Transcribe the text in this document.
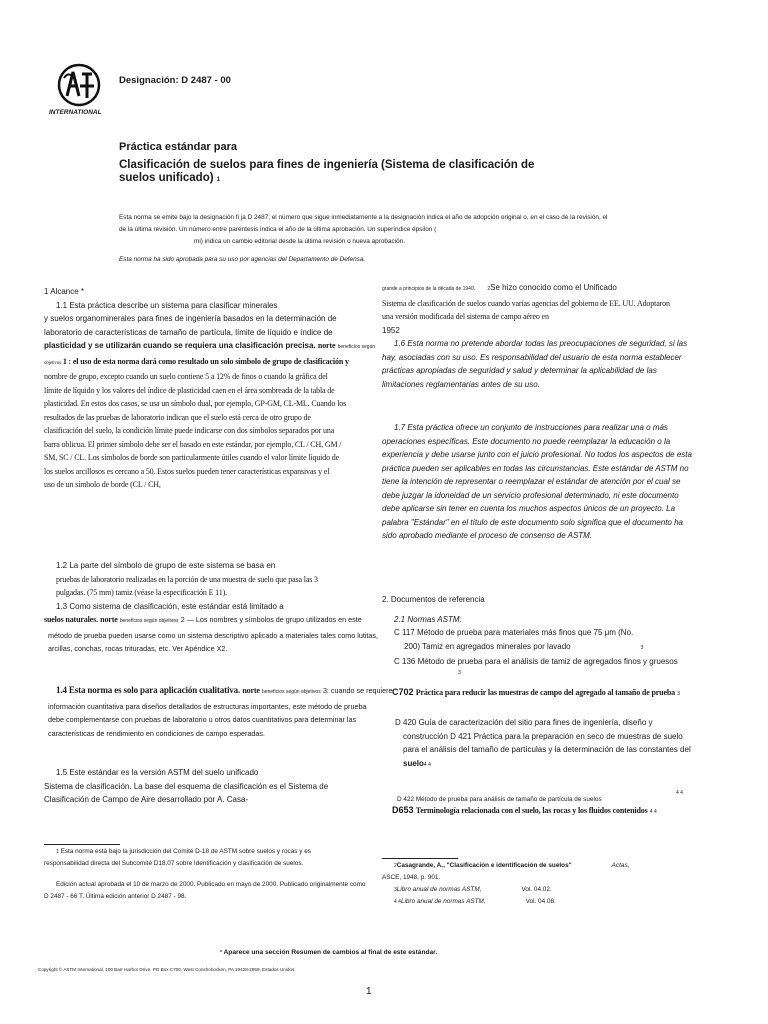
INTERNATIONAL
Designación: D 2487 - 00
Práctica estándar para
Clasificación de suelos para fines de ingeniería (Sistema de clasificación de
suelos unificado) 1
Esta norma se emite bajo la designación fi ja D 2487; el número que sigue inmediatamente a la designación indica el año de adopción original o, en el caso de la revisión, el
de la última revisión. Un número entre paréntesis indica el año de la última aprobación. Un superíndice épsilon (
mi) indica un cambio editorial desde la última revisión o nueva aprobación.
Esta norma ha sido aprobada para su uso por agencias del Departamento de Defensa.

1 Alcance *

1.1 Esta práctica describe un sistema para clasificar minerales

y suelos organominerales para fines de ingeniería basados en la determinación de

laboratorio de características de tamaño de partícula, límite de líquido e índice de

plasticidad y se utilizarán cuando se requiera una clasificación precisa. norte beneficios según

objetivos 1 : el uso de esta norma dará como resultado un solo símbolo de grupo de clasificación y

nombre de grupo, excepto cuando un suelo contiene 5 a 12% de finos o cuando la gráfica del

límite de líquido y los valores del índice de plasticidad caen en el área sombreada de la tabla de

plasticidad. En estos dos casos, se usa un símbolo dual, por ejemplo, GP-GM, CL-ML. Cuando los

resultados de las pruebas de laboratorio indican que el suelo está cerca de otro grupo de

clasificación del suelo, la condición límite puede indicarse con dos símbolos separados por una

barra oblicua. El primer símbolo debe ser el basado en este estándar, por ejemplo, CL / CH, GM /

SM, SC / CL. Los símbolos de borde son particularmente útiles cuando el valor límite líquido de

los suelos arcillosos es cercano a 50. Estos suelos pueden tener características expansivas y el

uso de un símbolo de borde (CL / CH,

1.2 La parte del símbolo de grupo de este sistema se basa en

pruebas de laboratorio realizadas en la porción de una muestra de suelo que pasa las 3

pulgadas. (75 mm) tamiz (véase la especificación E 11).

1.3 Como sistema de clasificación, este estándar está limitado a

suelos naturales. norte beneficios según objetivos 2 — Los nombres y símbolos de grupo utilizados en este

método de prueba pueden usarse como un sistema descriptivo aplicado a materiales tales como lutitas,

arcillas, conchas, rocas trituradas, etc. Ver Apéndice X2.

1.4 Esta norma es solo para aplicación cualitativa. norte beneficios según objetivos 3: cuando se requiere

información cuantitativa para diseños detallados de estructuras importantes, este método de prueba

debe complementarse con pruebas de laboratorio u otros datos cuantitativos para determinar las

características de rendimiento en condiciones de campo esperadas.

1.5 Este estándar es la versión ASTM del suelo unificado

Sistema de clasificación. La base del esquema de clasificación es el Sistema de

Clasificación de Campo de Aire desarrollado por A. Casa-

grande a principios de la década de 1940. 2Se hizo conocido como el Unificado

Sistema de clasificación de suelos cuando varias agencias del gobierno de EE. UU. Adoptaron

una versión modificada del sistema de campo aéreo en

1952

1.6 Esta norma no pretende abordar todas las preocupaciones de seguridad, si las

hay, asociadas con su uso. Es responsabilidad del usuario de esta norma establecer

prácticas apropiadas de seguridad y salud y determinar la aplicabilidad de las

limitaciones reglamentarias antes de su uso.

1.7 Esta práctica ofrece un conjunto de instrucciones para realizar una o más

operaciones específicas. Este documento no puede reemplazar la educación o la

experiencia y debe usarse junto con el juicio profesional. No todos los aspectos de esta

práctica pueden ser aplicables en todas las circunstancias. Este estándar de ASTM no

tiene la intención de representar o reemplazar el estándar de atención por el cual se

debe juzgar la idoneidad de un servicio profesional determinado, ni este documento

debe aplicarse sin tener en cuenta los muchos aspectos únicos de un proyecto. La

palabra "Estándar" en el título de este documento solo significa que el documento ha

sido aprobado mediante el proceso de consenso de ASTM.

2. Documentos de referencia

2.1 Normas ASTM:

C 117 Método de prueba para materiales más finos que 75 μm (No.

200) Tamiz en agregados minerales por lavado	3

C 136 Método de prueba para el análisis de tamiz de agregados finos y gruesos

3

C702 Práctica para reducir las muestras de campo del agregado al tamaño de prueba 3

D 420 Guía de caracterización del sitio para fines de ingeniería, diseño y

construcción D 421 Práctica para la preparación en seco de muestras de suelo

para el análisis del tamaño de partículas y la determinación de las constantes del

suelo4 4

4 4
D 422 Método de prueba para análisis de tamaño de partícula de suelos
D653 Terminología relacionada con el suelo, las rocas y los fluidos contenidos 4 4

1 Esta norma está bajo la jurisdicción del Comité D-18 de ASTM sobre suelos y rocas y es

responsabilidad directa del Subcomité D18.07 sobre Identificación y clasificación de suelos.

Edición actual aprobada el 10 de marzo de 2000. Publicado en mayo de 2000. Publicado originalmente como

D 2487 - 66 T. Última edición anterior D 2487 - 98.

2Casagrande, A., "Clasificación e identificación de suelos"	Actas,

ASCE, 1948, p. 901.

3Libro anual de normas ASTM,	Vol. 04.02.

4 4Libro anual de normas ASTM,	Vol. 04.08.

* Aparece una sección Resumen de cambios al final de este estándar.
Copyright © ASTM International, 100 Barr Harbor Drive, PO Box C700, West Conshohocken, PA 19428-2959, Estados Unidos.
1
